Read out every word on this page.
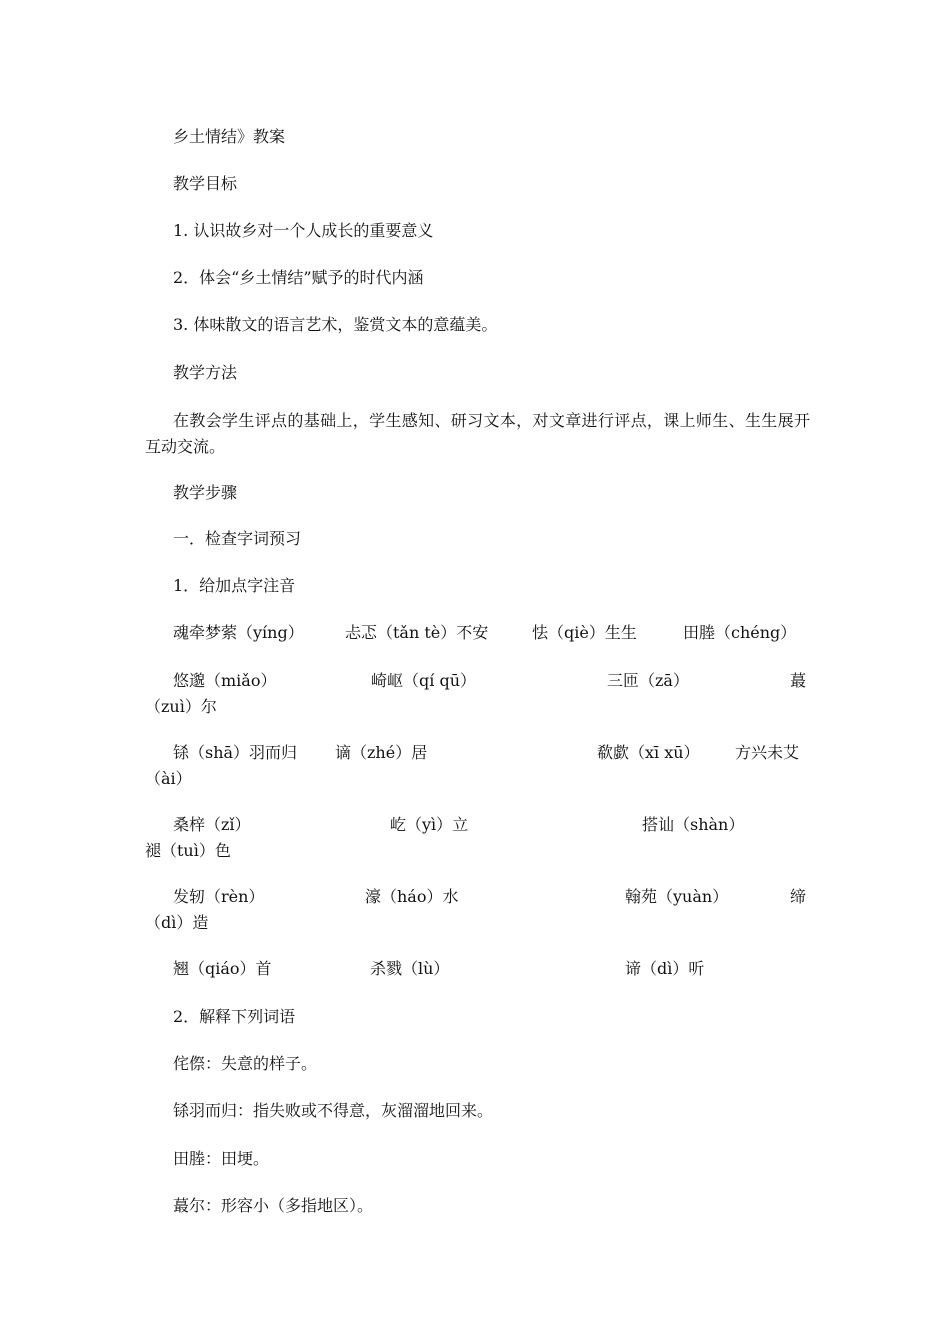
乡土情结》教案
教学目标
1. 认识故乡对一个人成长的重要意义
2．体会“乡土情结”赋予的时代内涵
3. 体味散文的语言艺术，鉴赏文本的意蕴美。
教学方法
在教会学生评点的基础上，学生感知、研习文本，对文章进行评点，课上师生、生生展开互动交流。
教学步骤
一．检查字词预习
1．给加点字注音
魂牵梦萦（yíng）	忐忑（tǎn tè）不安	怯（qiè）生生	田塍（chéng）
悠邈（miǎo）	崎岖（qí qū）	三匝（zā）	蕞
（zuì）尔
铩（shā）羽而归 谪（zhé）居	欷歔（xī xū） 方兴未艾
（ài）
桑梓（zǐ）	屹（yì）立	搭讪（shàn）
褪（tuì）色
发轫（rèn）	濠（háo）水	翰苑（yuàn）	缔
（dì）造
翘（qiáo）首	杀戮（lù）	谛（dì）听
2．解释下列词语
侘傺：失意的样子。
铩羽而归：指失败或不得意，灰溜溜地回来。
田塍：田埂。
蕞尔：形容小（多指地区）。
